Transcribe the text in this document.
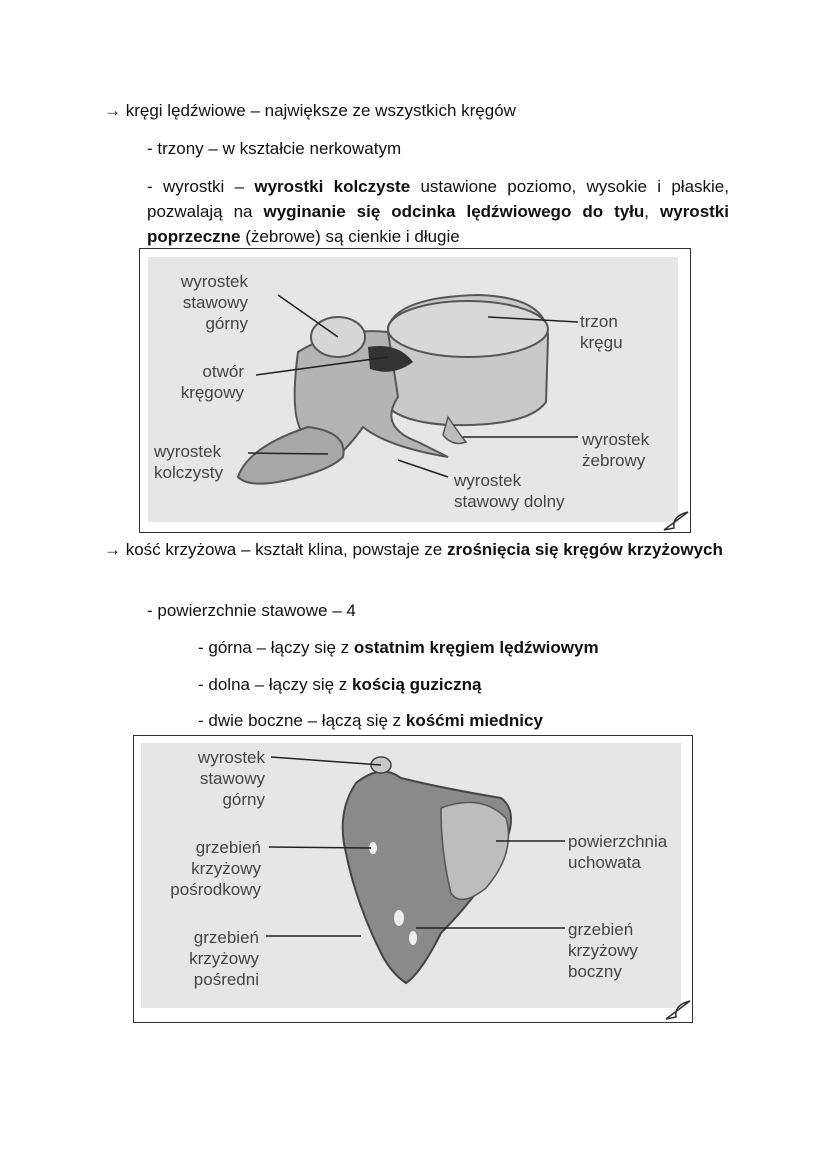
→ kręgi lędźwiowe – największe ze wszystkich kręgów
- trzony – w kształcie nerkowatym
- wyrostki – wyrostki kolczyste ustawione poziomo, wysokie i płaskie, pozwalają na wyginanie się odcinka lędźwiowego do tyłu, wyrostki poprzeczne (żebrowe) są cienkie i długie
wyrostek
stawowy
górny
otwór
kręgowy
wyrostek
kolczysty	wyrostek
stawowy dolny
trzon
kręgu
wyrostek
żebrowy
→ kość krzyżowa – kształt klina, powstaje ze zrośnięcia się kręgów krzyżowych
- powierzchnie stawowe – 4
- górna – łączy się z ostatnim kręgiem lędźwiowym
- dolna – łączy się z kością guziczną
- dwie boczne – łączą się z kośćmi miednicy
wyrostek
stawowy
górny
grzebień
krzyżowy
pośrodkowy
grzebień
krzyżowy
pośredni
powierzchnia
uchowata
grzebień
krzyżowy
boczny
